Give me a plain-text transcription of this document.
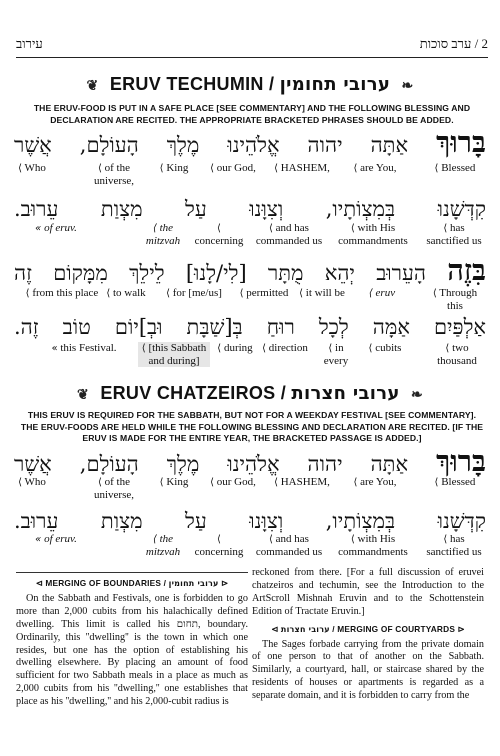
עירוב	2 / ערב סוכות
❦ ERUV TECHUMIN / ערובי תחומין ❧
THE ERUV-FOOD IS PUT IN A SAFE PLACE [SEE COMMENTARY] AND THE FOLLOWING BLESSING AND DECLARATION ARE RECITED. THE APPROPRIATE BRACKETED PHRASES SHOULD BE ADDED.
בָּרוּךְ אַתָּה יהוה אֱלֹהֵינוּ מֶלֶךְ הָעוֹלָם, אֲשֶׁר
⟨ Blessed
⟨ are You,
⟨ HASHEM,
⟨ our God,
⟨ King
⟨ of the universe,
⟨ Who
קִדְּשָׁנוּ בְּמִצְוֹתָיו, וְצִוָּנוּ עַל מִצְוַת עֵרוּב.
⟨ has sanctified us
⟨ with His commandments
⟨ and has commanded us
⟨ concerning
⟨ the mitzvah
« of eruv.
בִּזֶה הָעֵרוּב יְהֵא מֻתָּר [לִי/לָנוּ] לֵילֵךְ מִמָּקוֹם זֶה
⟨ Through this
⟨ eruv
⟨ it will be
⟨ permitted
⟨ for [me/us]
⟨ to walk
⟨ from this place
אַלְפַּיִם אַמָּה לְכָל רוּחַ בְּ[שַׁבָּת וּבְ]יוֹם טוֹב זֶה.
⟨ two thousand
⟨ cubits
⟨ in every
⟨ direction
⟨ during
⟨ [this Sabbath and during]
« this Festival.
❦ ERUV CHATZEIROS / ערובי חצרות ❧
THIS ERUV IS REQUIRED FOR THE SABBATH, BUT NOT FOR A WEEKDAY FESTIVAL [SEE COMMENTARY]. THE ERUV-FOODS ARE HELD WHILE THE FOLLOWING BLESSING AND DECLARATION ARE RECITED. [IF THE ERUV IS MADE FOR THE ENTIRE YEAR, THE BRACKETED PASSAGE IS ADDED.]
בָּרוּךְ אַתָּה יהוה אֱלֹהֵינוּ מֶלֶךְ הָעוֹלָם, אֲשֶׁר
⟨ Blessed
⟨ are You,
⟨ HASHEM,
⟨ our God,
⟨ King
⟨ of the universe,
⟨ Who
קִדְּשָׁנוּ בְּמִצְוֹתָיו, וְצִוָּנוּ עַל מִצְוַת עֵרוּב.
⟨ has sanctified us
⟨ with His commandments
⟨ and has commanded us
⟨ concerning
⟨ the mitzvah
« of eruv.
⊲ MERGING OF BOUNDARIES / ערובי תחומין ⊳

On the Sabbath and Festivals, one is forbidden to go more than 2,000 cubits from his halachically defined dwelling. This limit is called his תחום, boundary. Ordinarily, this ''dwelling'' is the town in which one resides, but one has the option of establishing his dwelling elsewhere. By placing an amount of food sufficient for two Sabbath meals in a place as much as 2,000 cubits from his ''dwelling,'' one establishes that place as his ''dwelling,'' and his 2,000-cubit radius is

reckoned from there. [For a full discussion of eruvei chatzeiros and techumin, see the Introduction to the ArtScroll Mishnah Eruvin and to the Schottenstein Edition of Tractate Eruvin.]

⊲ ערובי חצרות / MERGING OF COURTYARDS ⊳

The Sages forbade carrying from the private domain of one person to that of another on the Sabbath. Similarly, a courtyard, hall, or staircase shared by the residents of houses or apartments is regarded as a separate domain, and it is forbidden to carry from the
